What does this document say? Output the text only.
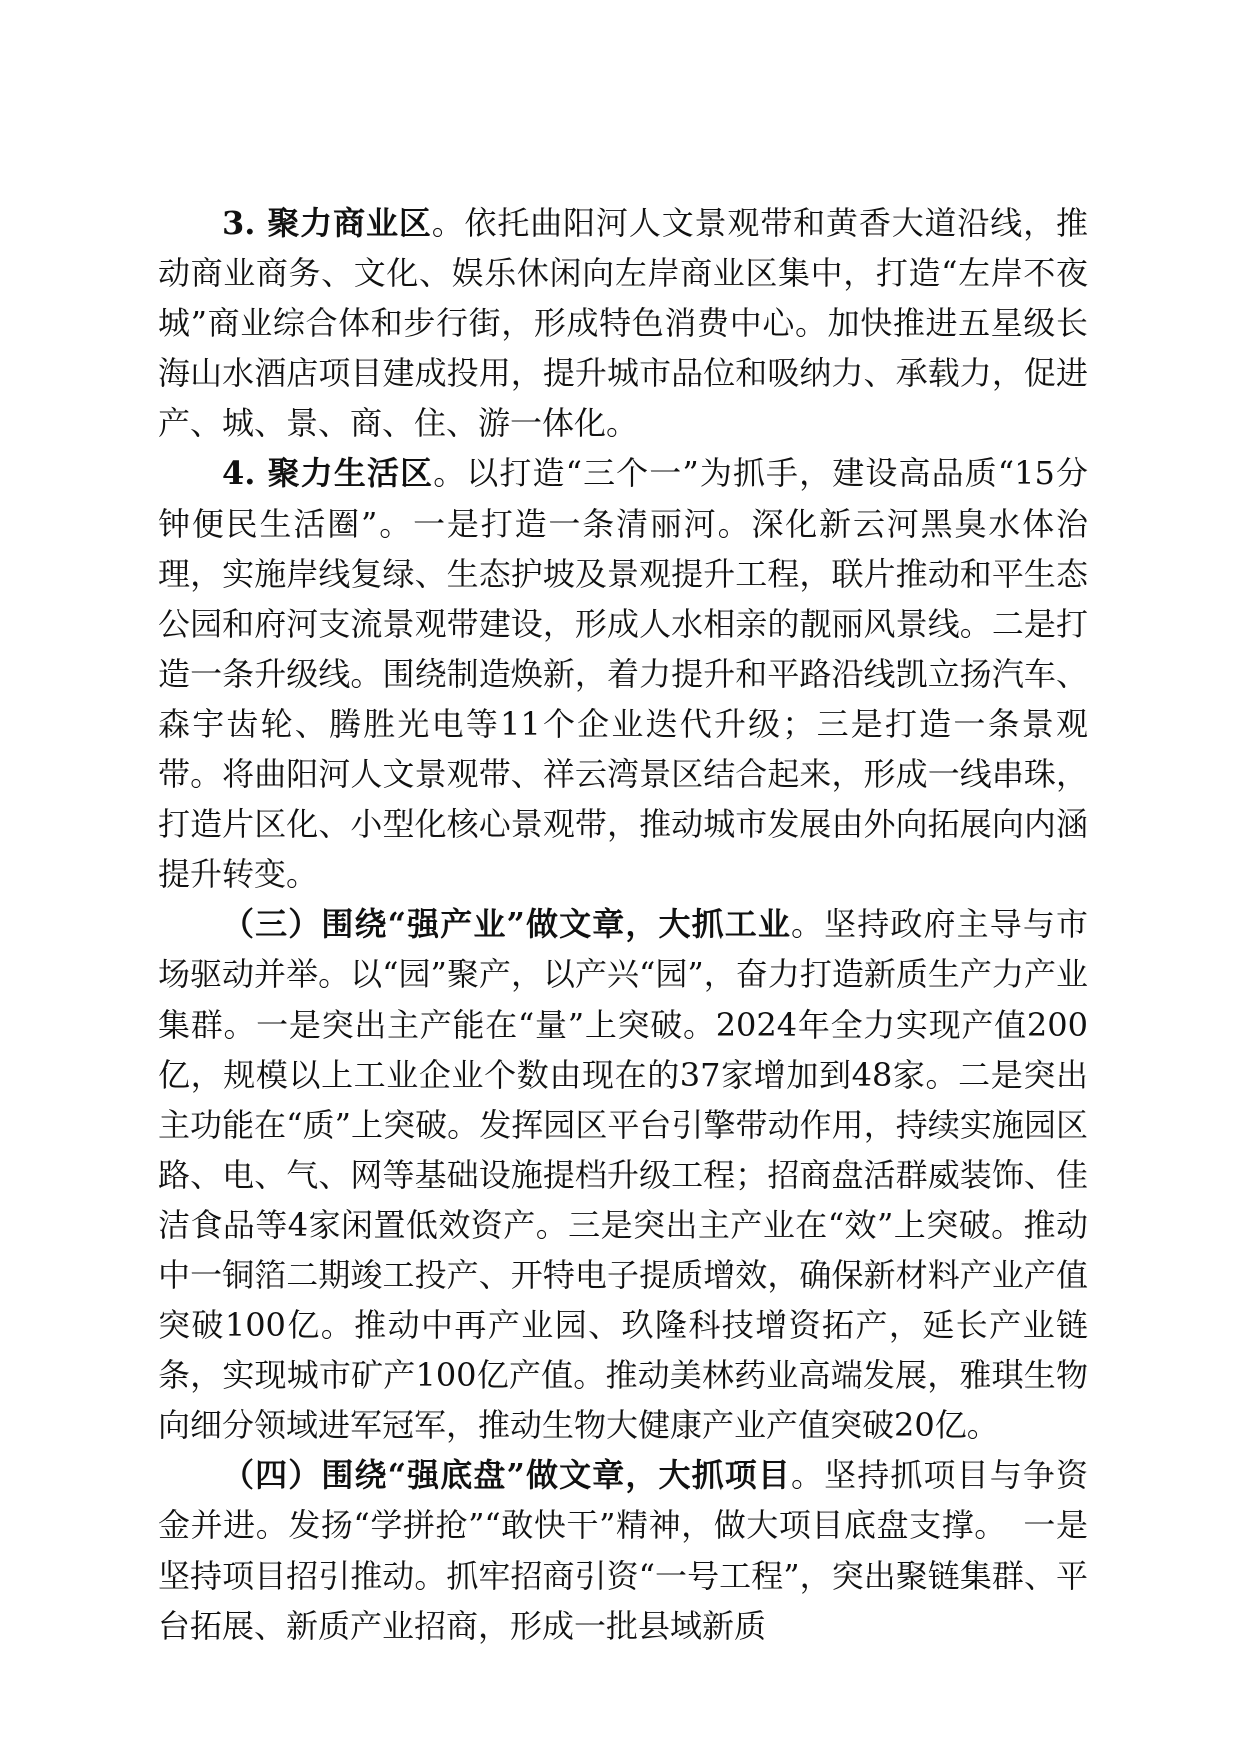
3. 聚力商业区。依托曲阳河人文景观带和黄香大道沿线，推动商业商务、文化、娱乐休闲向左岸商业区集中，打造“左岸不夜城”商业综合体和步行街，形成特色消费中心。加快推进五星级长海山水酒店项目建成投用，提升城市品位和吸纳力、承载力，促进产、城、景、商、住、游一体化。

4. 聚力生活区。以打造“三个一”为抓手，建设高品质“15分钟便民生活圈”。一是打造一条清丽河。深化新云河黑臭水体治理，实施岸线复绿、生态护坡及景观提升工程，联片推动和平生态公园和府河支流景观带建设，形成人水相亲的靓丽风景线。二是打造一条升级线。围绕制造焕新，着力提升和平路沿线凯立扬汽车、森宇齿轮、腾胜光电等11个企业迭代升级；三是打造一条景观带。将曲阳河人文景观带、祥云湾景区结合起来，形成一线串珠，打造片区化、小型化核心景观带，推动城市发展由外向拓展向内涵提升转变。

（三）围绕“强产业”做文章，大抓工业。坚持政府主导与市场驱动并举。以“园”聚产，以产兴“园”，奋力打造新质生产力产业集群。一是突出主产能在“量”上突破。2024年全力实现产值200亿，规模以上工业企业个数由现在的37家增加到48家。二是突出主功能在“质”上突破。发挥园区平台引擎带动作用，持续实施园区路、电、气、网等基础设施提档升级工程；招商盘活群威装饰、佳洁食品等4家闲置低效资产。三是突出主产业在“效”上突破。推动中一铜箔二期竣工投产、开特电子提质增效，确保新材料产业产值突破100亿。推动中再产业园、玖隆科技增资拓产，延长产业链条，实现城市矿产100亿产值。推动美林药业高端发展，雅琪生物向细分领域进军冠军，推动生物大健康产业产值突破20亿。

（四）围绕“强底盘”做文章，大抓项目。坚持抓项目与争资金并进。发扬“学拼抢”“敢快干”精神，做大项目底盘支撑。　一是坚持项目招引推动。抓牢招商引资“一号工程”，突出聚链集群、平台拓展、新质产业招商，形成一批县域新质
